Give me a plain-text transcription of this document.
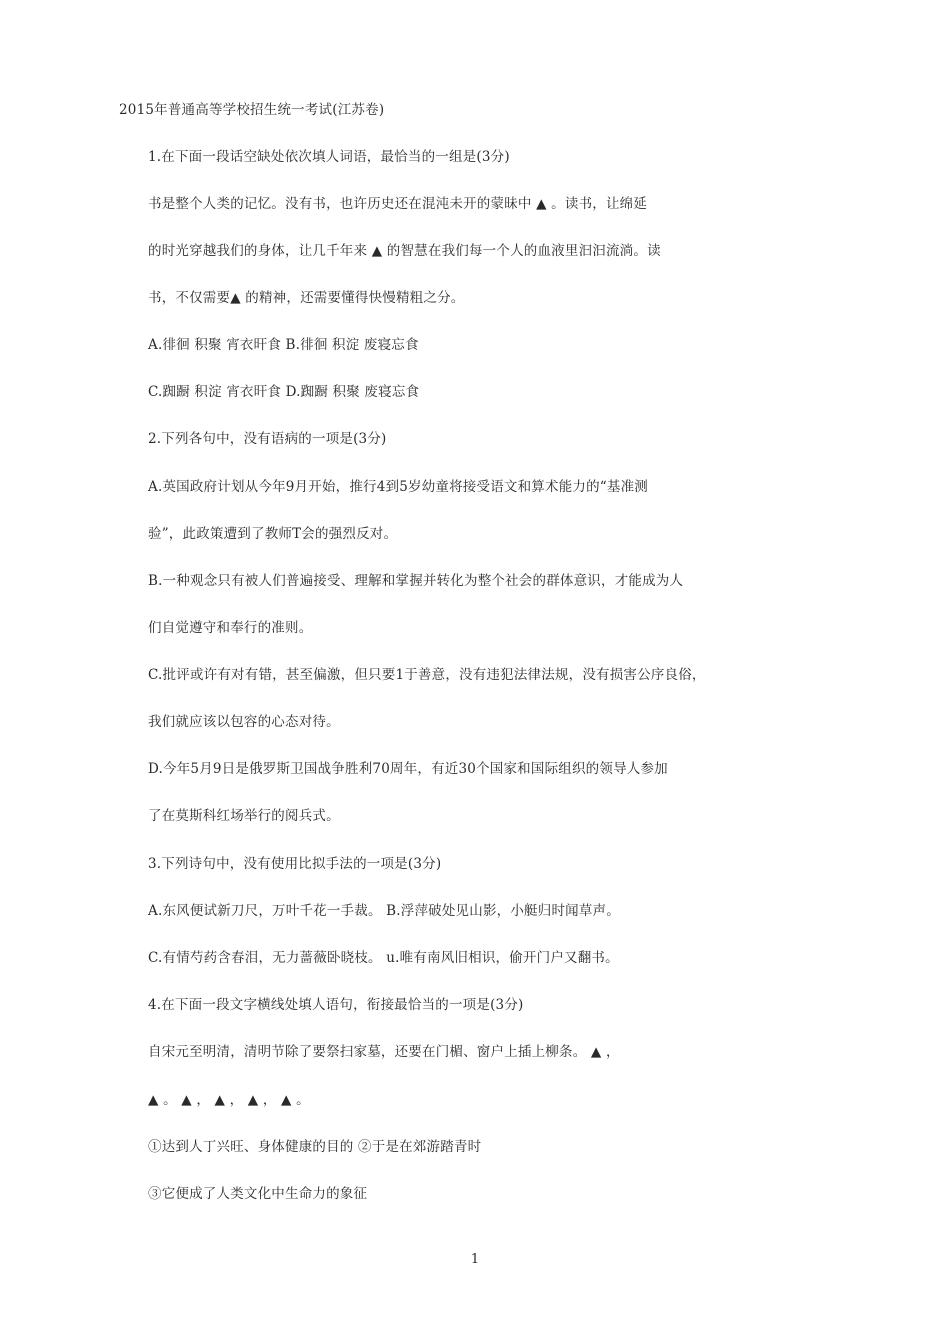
2015年普通高等学校招生统一考试(江苏卷)
1.在下面一段话空缺处依次填人词语，最恰当的一组是(3分)
书是整个人类的记忆。没有书，也许历史还在混沌未开的蒙昧中 ▲ 。读书，让绵延
的时光穿越我们的身体，让几千年来 ▲ 的智慧在我们每一个人的血液里汩汩流淌。读
书，不仅需要▲ 的精神，还需要懂得快慢精粗之分。
A.徘徊 积聚 宵衣旰食 B.徘徊 积淀 废寝忘食
C.踟蹰 积淀 宵衣旰食 D.踟蹰 积聚 废寝忘食
2.下列各句中，没有语病的一项是(3分)
A.英国政府计划从今年9月开始，推行4到5岁幼童将接受语文和算术能力的“基准测
验”，此政策遭到了教师T会的强烈反对。
B.一种观念只有被人们普遍接受、理解和掌握并转化为整个社会的群体意识，才能成为人
们自觉遵守和奉行的准则。
C.批评或许有对有错，甚至偏激，但只要1于善意，没有违犯法律法规，没有损害公序良俗，
我们就应该以包容的心态对待。
D.今年5月9日是俄罗斯卫国战争胜利70周年，有近30个国家和国际组织的领导人参加
了在莫斯科红场举行的阅兵式。
3.下列诗句中，没有使用比拟手法的一项是(3分)
A.东风便试新刀尺，万叶千花一手裁。 B.浮萍破处见山影，小艇归时闻草声。
C.有情芍药含春泪，无力蔷薇卧晓枝。 u.唯有南风旧相识，偷开门户又翻书。
4.在下面一段文字横线处填人语句，衔接最恰当的一项是(3分)
自宋元至明清，清明节除了要祭扫家墓，还要在门楣、窗户上插上柳条。 ▲ ，
▲ 。 ▲ ， ▲ ， ▲ ， ▲ 。
①达到人丁兴旺、身体健康的目的 ②于是在郊游踏青时
③它便成了人类文化中生命力的象征
1
